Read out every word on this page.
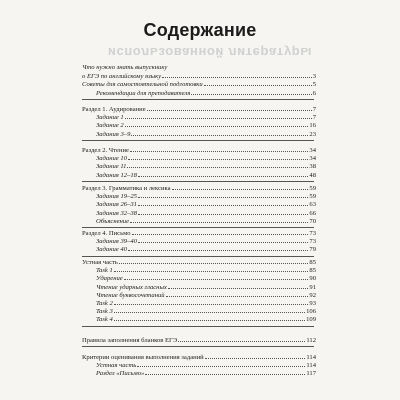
Содержание
использованной литературы
Что нужно знать выпускнику
о ЕГЭ по английскому языку	3
Советы для самостоятельной подготовки	5
Рекомендации для преподавателя	6
Раздел 1. Аудирование	7
Задание 1	7
Задание 2	16
Задания 3–9	23
Раздел 2. Чтение	34
Задание 10	34
Задание 11	38
Задания 12–18	48
Раздел 3. Грамматика и лексика	59
Задания 19–25	59
Задания 26–31	63
Задания 32–38	66
Объяснение	70
Раздел 4. Письмо	73
Задания 39–40	73
Задание 40	79
Устная часть	85
Task 1	85
Ударение	90
Чтение ударных гласных	91
Чтение буквосочетаний	92
Task 2	93
Task 3	106
Task 4	109
Правила заполнения бланков ЕГЭ	112
Критерии оценивания выполнения заданий	114
Устная часть	114
Раздел «Письмо»	117
